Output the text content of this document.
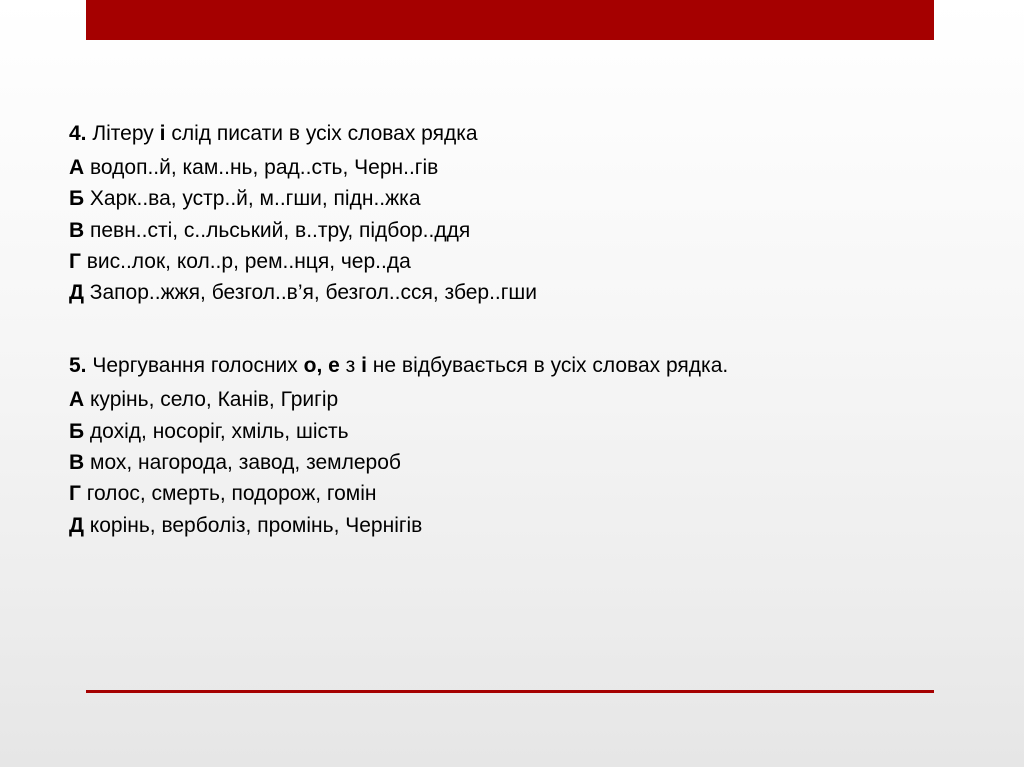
4. Літеру і слід писати в усіх словах рядка
А водоп..й, кам..нь, рад..сть, Черн..гів
Б Харк..ва, устр..й, м..гши, підн..жка
В певн..сті, с..льський, в..тру, підбор..ддя
Г вис..лок, кол..р, рем..нця, чер..да
Д Запор..жжя, безгол..в’я, безгол..сся, збер..гши
5. Чергування голосних о, е з і не відбувається в усіх словах рядка.
А курінь, село, Канів, Григір
Б дохід, носоріг, хміль, шість
В мох, нагорода, завод, землероб
Г голос, смерть, подорож, гомін
Д корінь, верболіз, промінь, Чернігів
